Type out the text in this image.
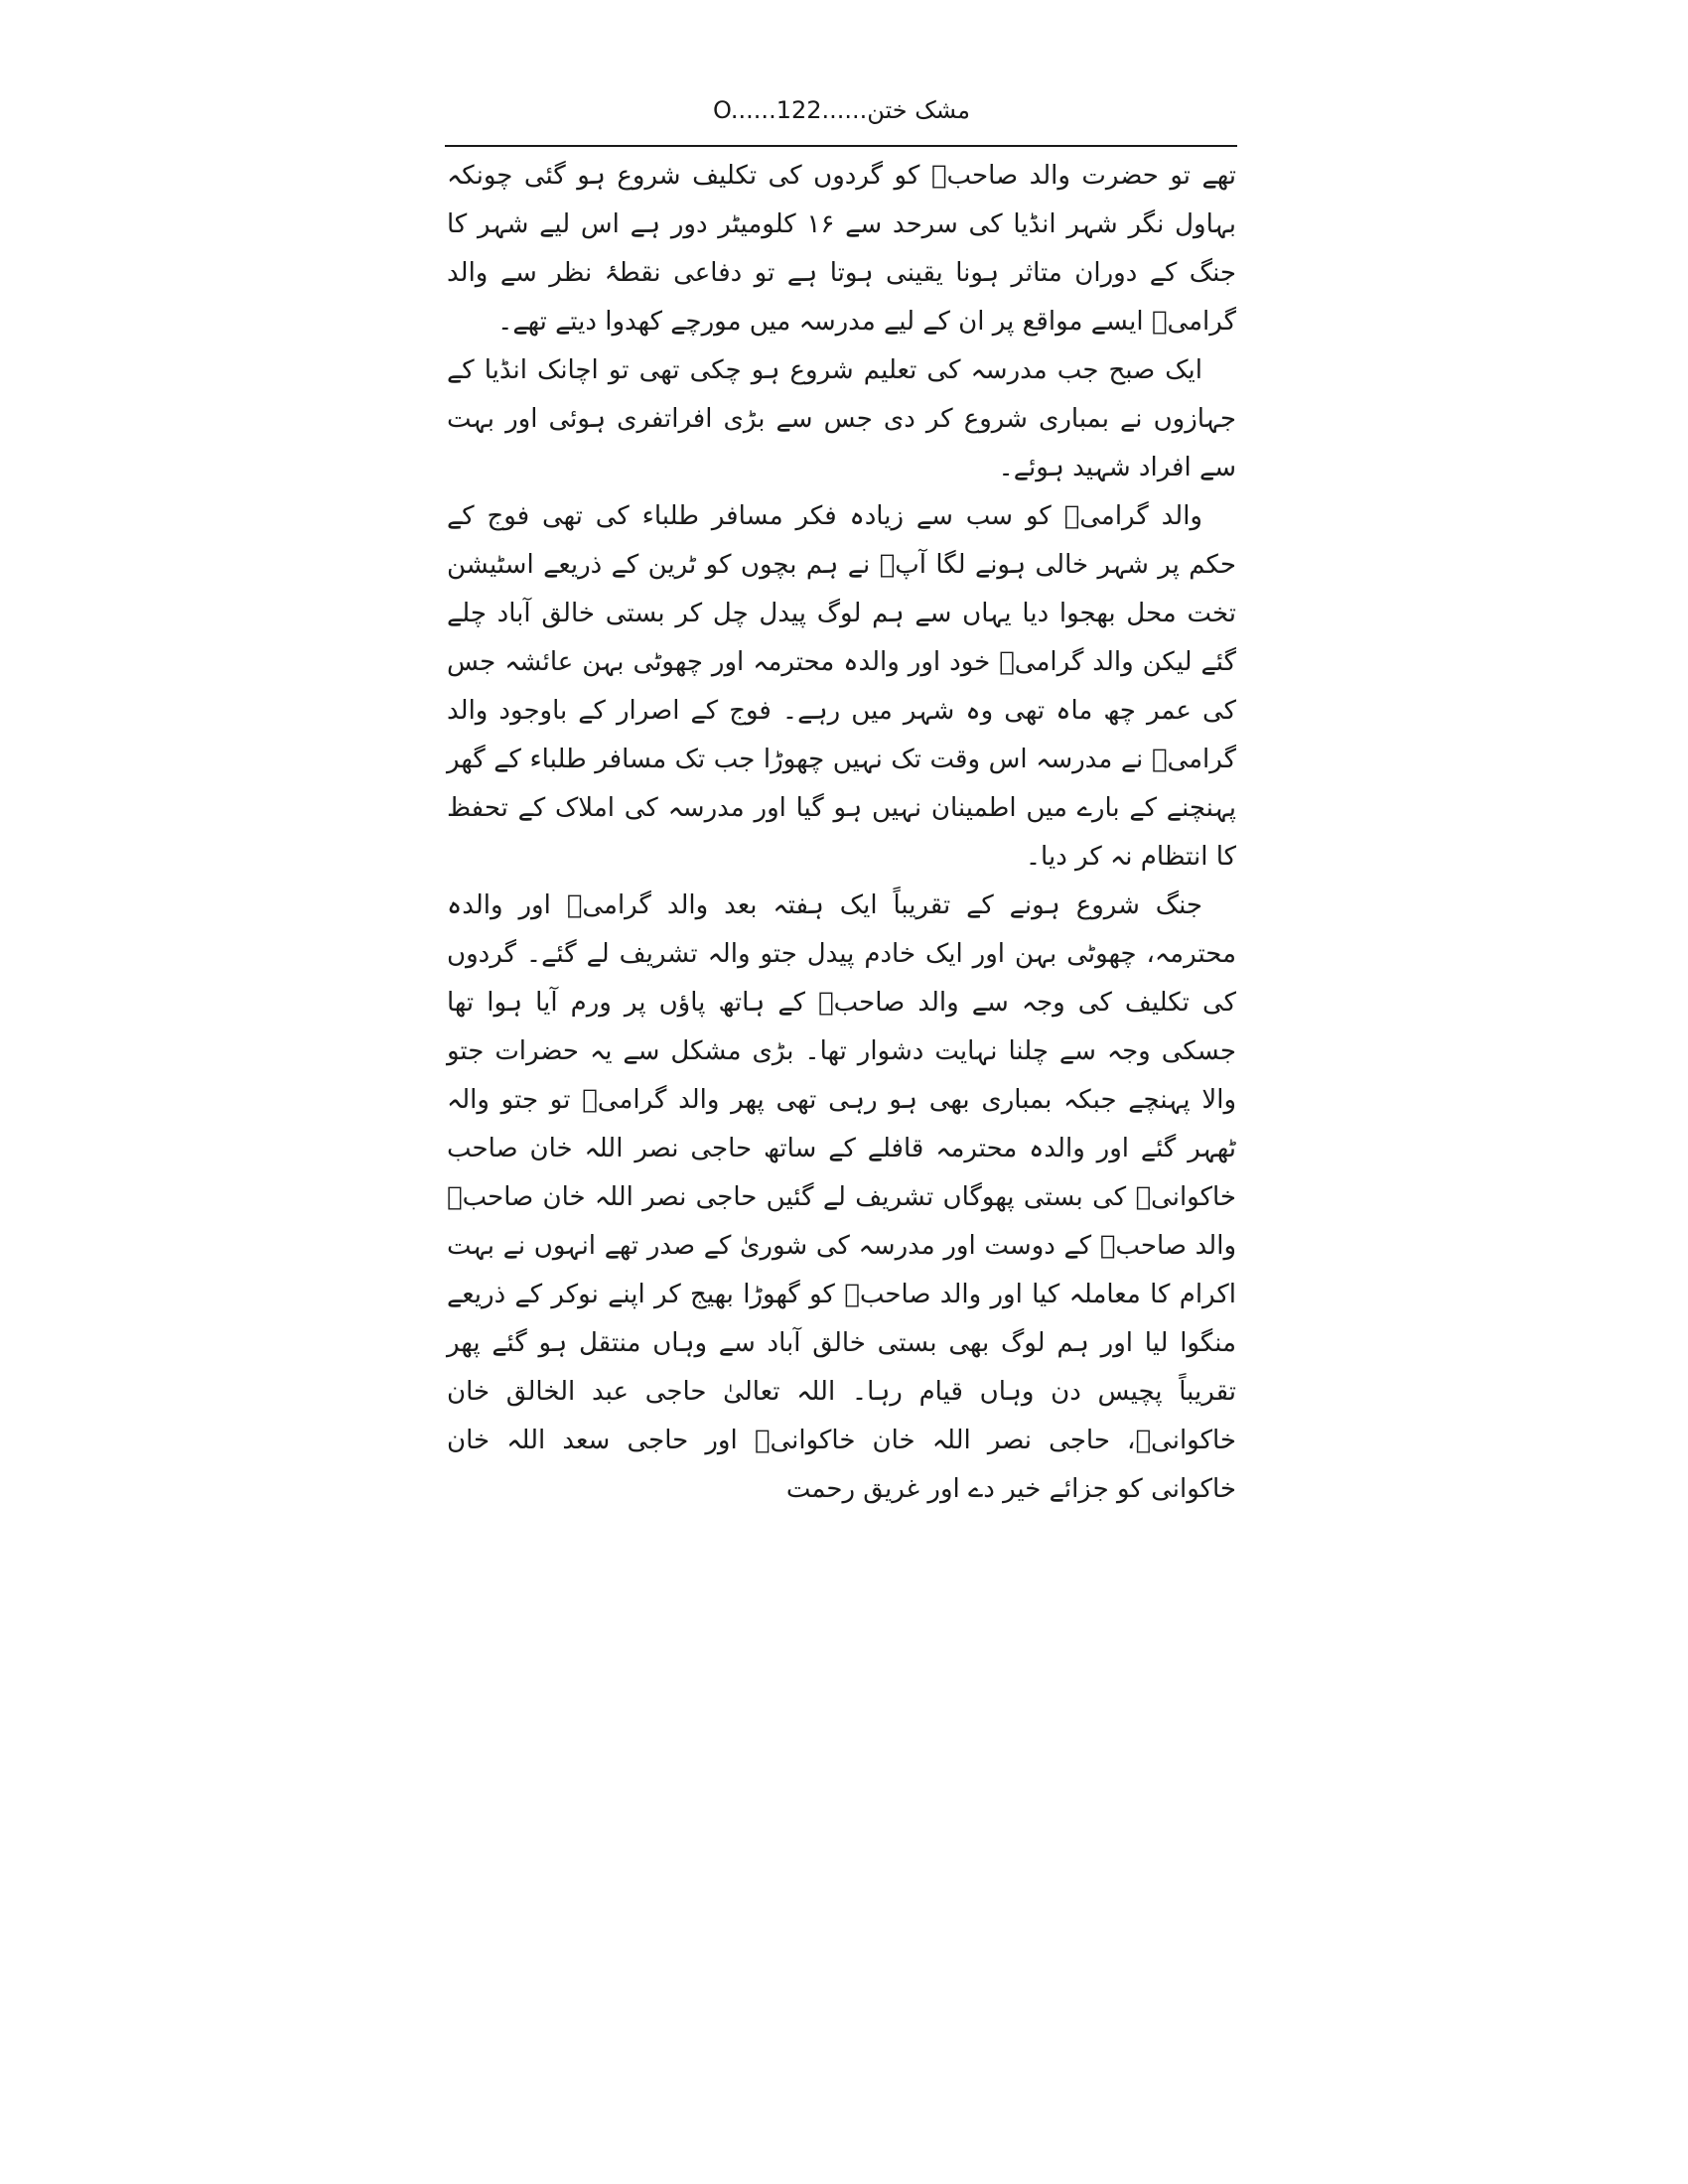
مشک ختن......O......122

تھے تو حضرت والد صاحبؒ کو گردوں کی تکلیف شروع ہو گئی چونکہ بہاول نگر شہر انڈیا کی سرحد سے ۱۶ کلومیٹر دور ہے اس لیے شہر کا جنگ کے دوران متاثر ہونا یقینی ہوتا ہے تو دفاعی نقطۂ نظر سے والد گرامیؒ ایسے مواقع پر ان کے لیے مدرسہ میں مورچے کھدوا دیتے تھے۔

ایک صبح جب مدرسہ کی تعلیم شروع ہو چکی تھی تو اچانک انڈیا کے جہازوں نے بمباری شروع کر دی جس سے بڑی افراتفری ہوئی اور بہت سے افراد شہید ہوئے۔

والد گرامیؒ کو سب سے زیادہ فکر مسافر طلباء کی تھی فوج کے حکم پر شہر خالی ہونے لگا آپؒ نے ہم بچوں کو ٹرین کے ذریعے اسٹیشن تخت محل بھجوا دیا یہاں سے ہم لوگ پیدل چل کر بستی خالق آباد چلے گئے لیکن والد گرامیؒ خود اور والدہ محترمہ اور چھوٹی بہن عائشہ جس کی عمر چھ ماہ تھی وہ شہر میں رہے۔ فوج کے اصرار کے باوجود والد گرامیؒ نے مدرسہ اس وقت تک نہیں چھوڑا جب تک مسافر طلباء کے گھر پہنچنے کے بارے میں اطمینان نہیں ہو گیا اور مدرسہ کی املاک کے تحفظ کا انتظام نہ کر دیا۔

جنگ شروع ہونے کے تقریباً ایک ہفتہ بعد والد گرامیؒ اور والدہ محترمہ، چھوٹی بہن اور ایک خادم پیدل جتو والہ تشریف لے گئے۔ گردوں کی تکلیف کی وجہ سے والد صاحبؒ کے ہاتھ پاؤں پر ورم آیا ہوا تھا جسکی وجہ سے چلنا نہایت دشوار تھا۔ بڑی مشکل سے یہ حضرات جتو والا پہنچے جبکہ بمباری بھی ہو رہی تھی پھر والد گرامیؒ تو جتو والہ ٹھہر گئے اور والدہ محترمہ قافلے کے ساتھ حاجی نصر اللہ خان صاحب خاکوانیؒ کی بستی پھوگاں تشریف لے گئیں حاجی نصر اللہ خان صاحبؒ والد صاحبؒ کے دوست اور مدرسہ کی شوریٰ کے صدر تھے انہوں نے بہت اکرام کا معاملہ کیا اور والد صاحبؒ کو گھوڑا بھیج کر اپنے نوکر کے ذریعے منگوا لیا اور ہم لوگ بھی بستی خالق آباد سے وہاں منتقل ہو گئے پھر تقریباً پچیس دن وہاں قیام رہا۔ اللہ تعالیٰ حاجی عبد الخالق خان خاکوانیؒ، حاجی نصر اللہ خان خاکوانیؒ اور حاجی سعد اللہ خان خاکوانی کو جزائے خیر دے اور غریق رحمت
